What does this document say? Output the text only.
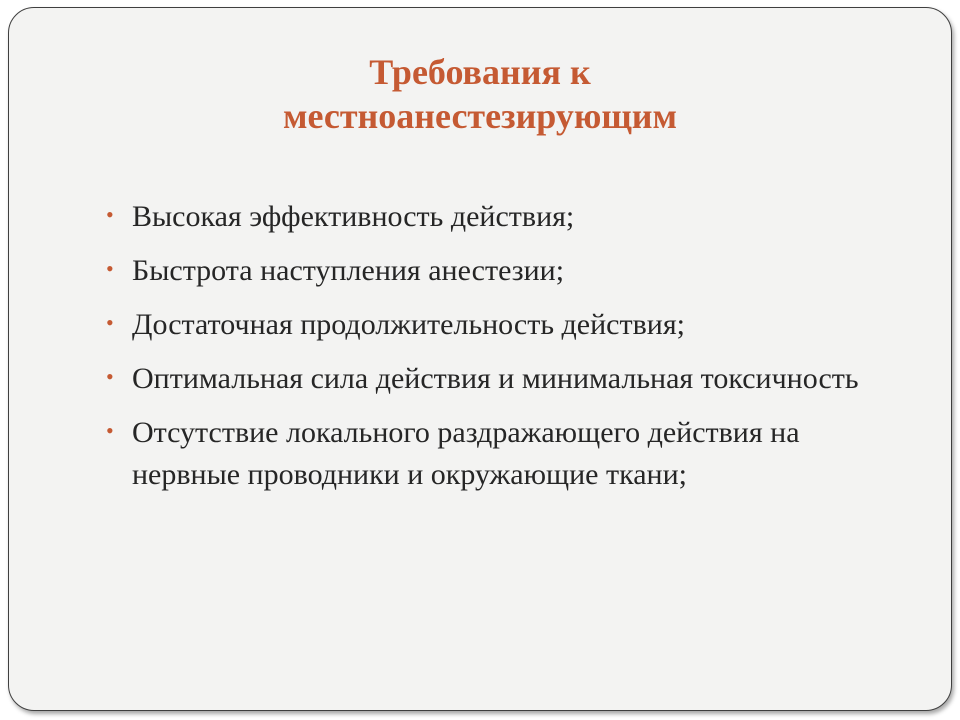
Требования к
местноанестезирующим
• Высокая эффективность действия;
• Быстрота наступления анестезии;
• Достаточная продолжительность действия;
• Оптимальная сила действия и минимальная токсичность
• Отсутствие локального раздражающего действия на нервные проводники и окружающие ткани;
